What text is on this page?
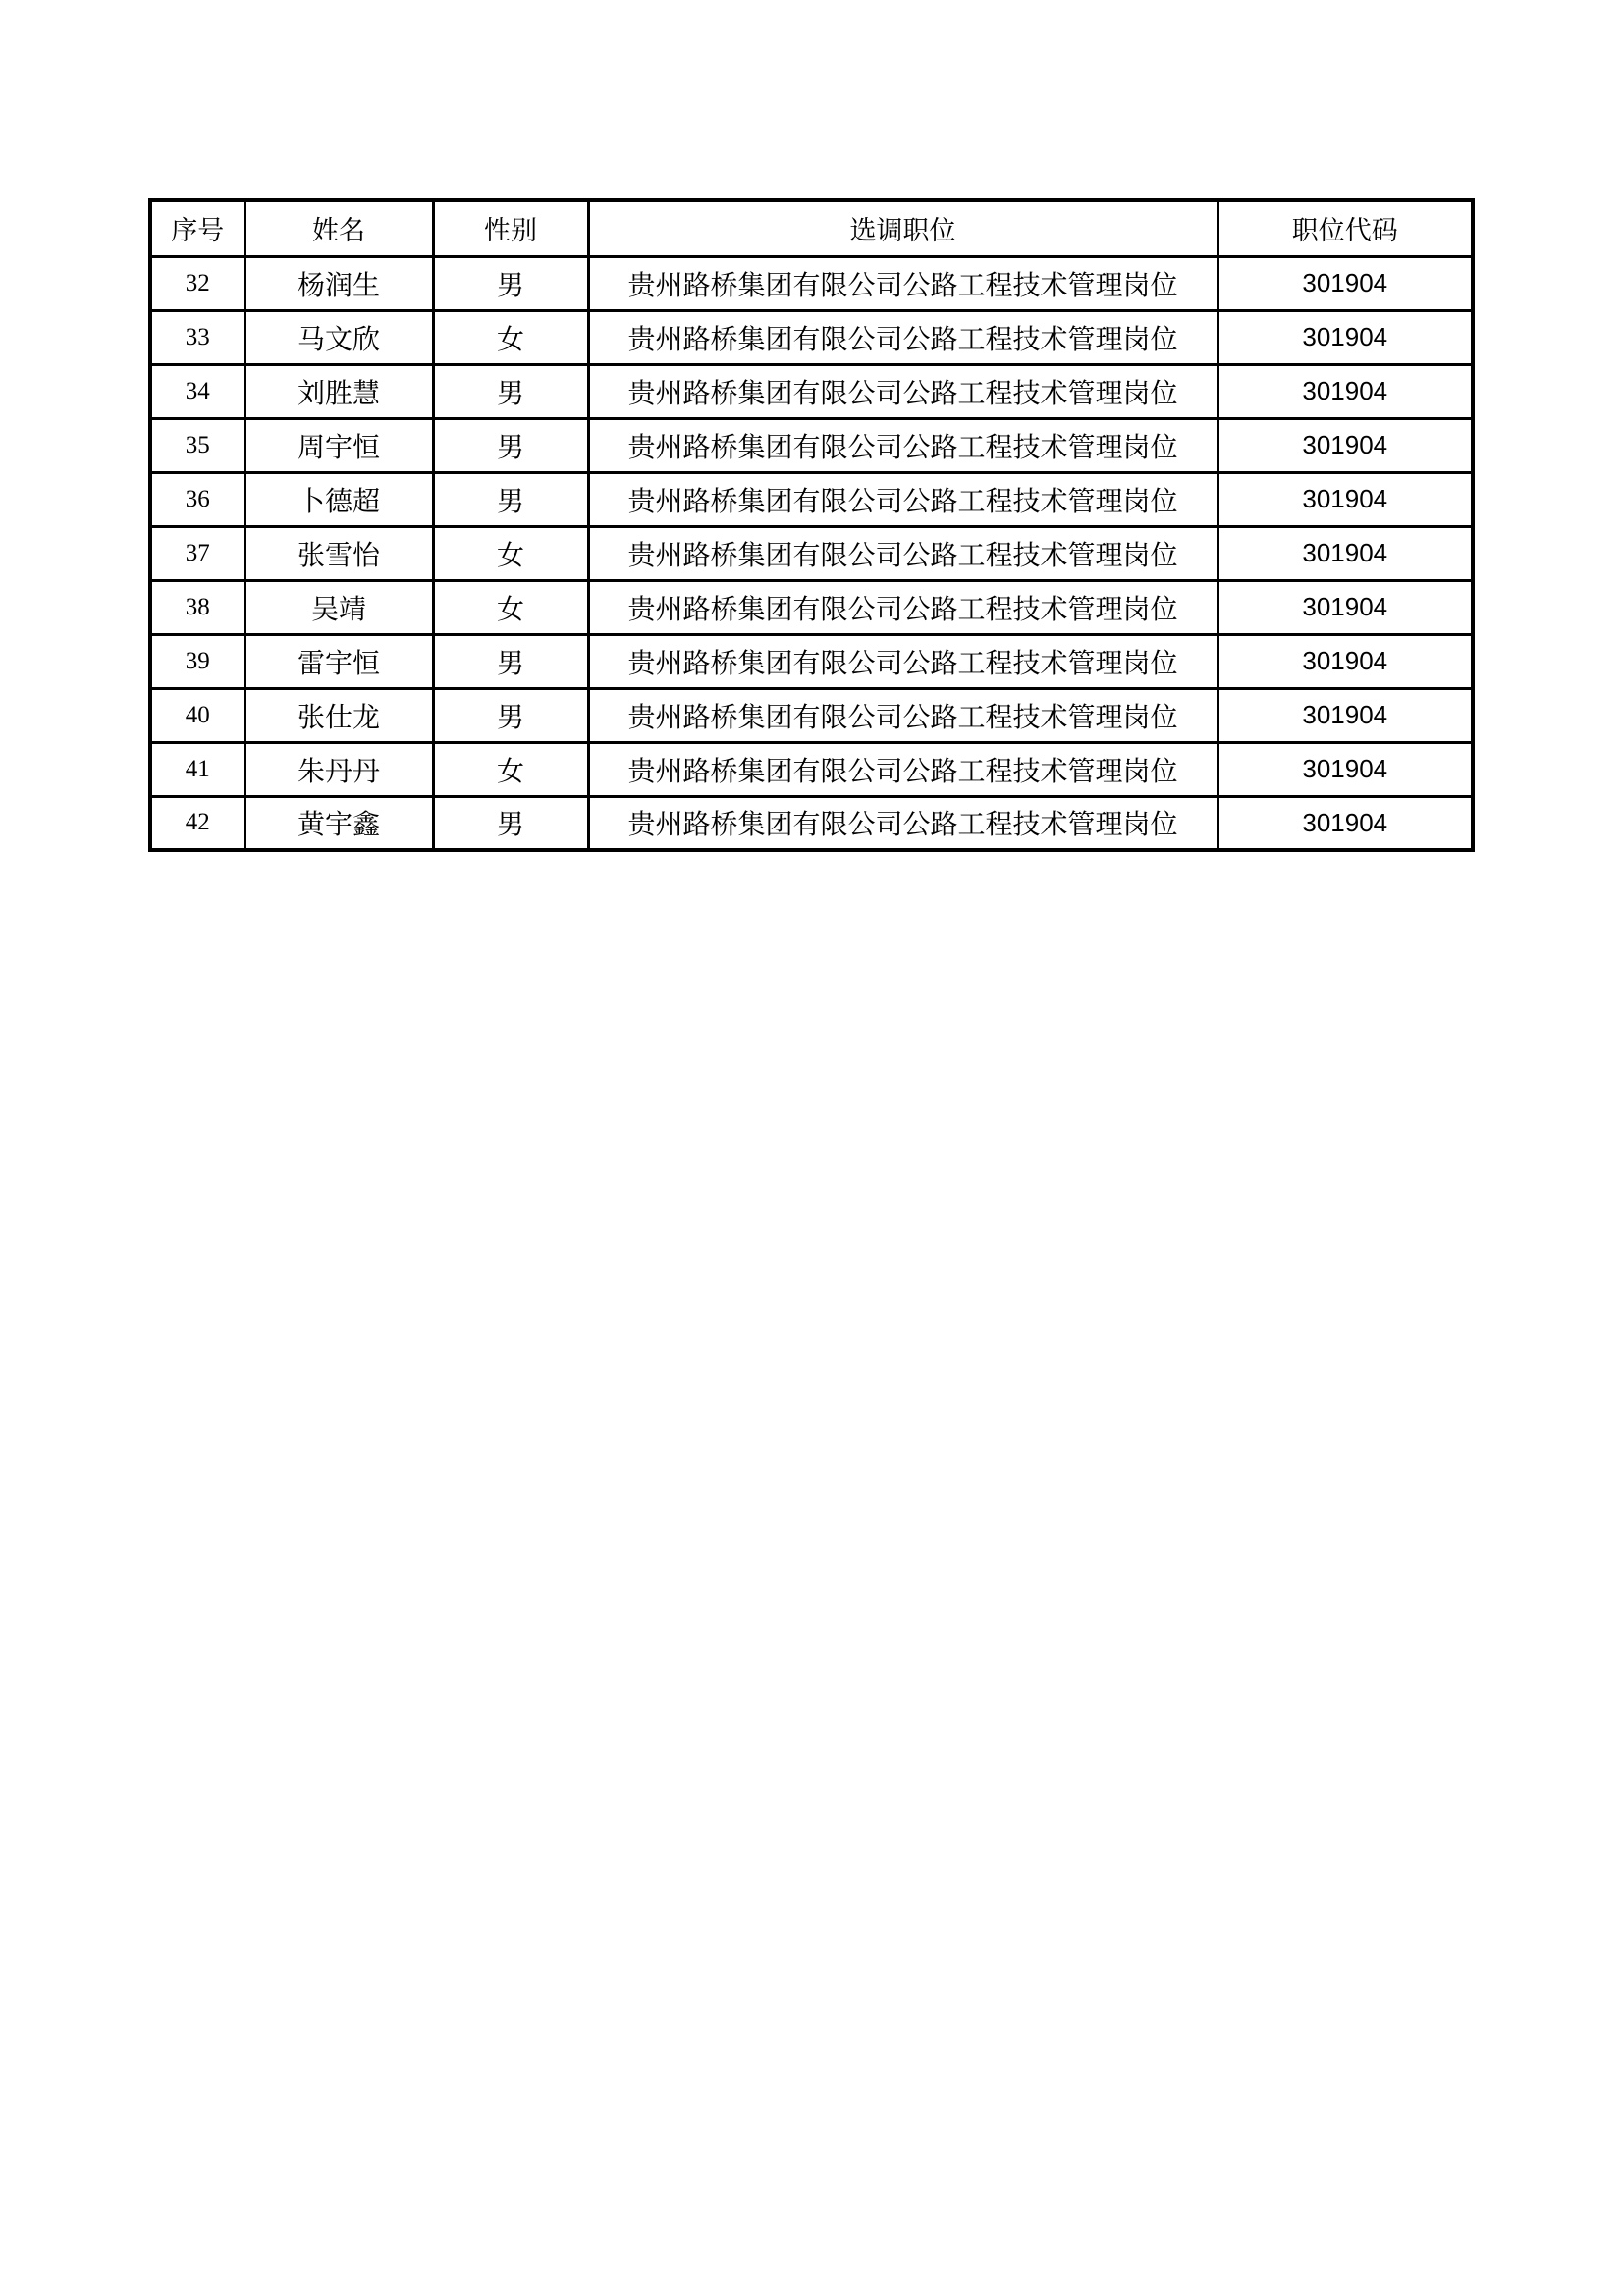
序号	姓名	性别	选调职位	职位代码
32	杨润生	男	贵州路桥集团有限公司公路工程技术管理岗位	301904
33	马文欣	女	贵州路桥集团有限公司公路工程技术管理岗位	301904
34	刘胜慧	男	贵州路桥集团有限公司公路工程技术管理岗位	301904
35	周宇恒	男	贵州路桥集团有限公司公路工程技术管理岗位	301904
36	卜德超	男	贵州路桥集团有限公司公路工程技术管理岗位	301904
37	张雪怡	女	贵州路桥集团有限公司公路工程技术管理岗位	301904
38	吴靖	女	贵州路桥集团有限公司公路工程技术管理岗位	301904
39	雷宇恒	男	贵州路桥集团有限公司公路工程技术管理岗位	301904
40	张仕龙	男	贵州路桥集团有限公司公路工程技术管理岗位	301904
41	朱丹丹	女	贵州路桥集团有限公司公路工程技术管理岗位	301904
42	黄宇鑫	男	贵州路桥集团有限公司公路工程技术管理岗位	301904
